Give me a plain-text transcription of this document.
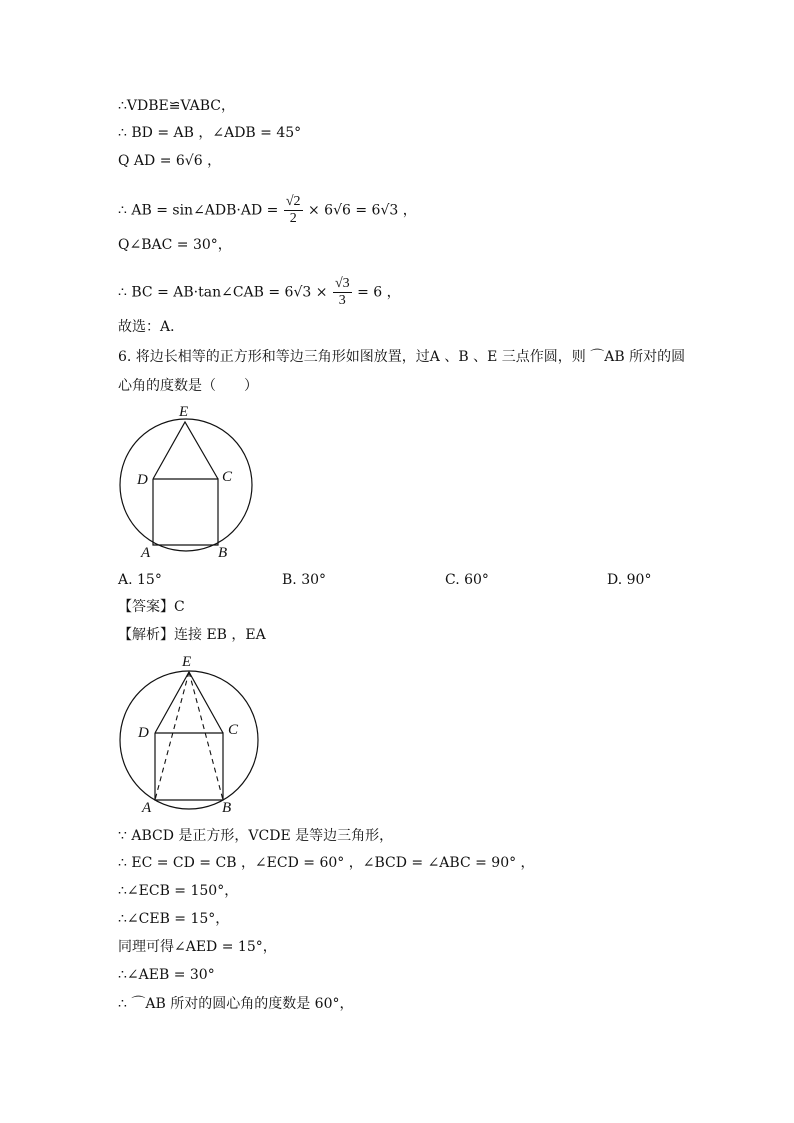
∴VDBE≌VABC，
∴ BD = AB ，∠ADB = 45°
Q AD = 6√6 ，
∴ AB = sin∠ADB·AD = $\frac{√2}{2} \times 6√6 = 6√3$ ，
Q∠BAC = 30°，
∴ BC = AB·tan∠CAB = $6√3 \times \frac{√3}{3} = 6$ ，
故选：A．
6. 将边长相等的正方形和等边三角形如图放置，过A 、B 、E 三点作圆，则 ⌒AB 所对的圆
心角的度数是（　　）
E
D	C
A	B
A. 15°	B. 30°	C. 60°	D. 90°
【答案】C
【解析】连接 EB ，EA
E
D	C
A	B
∵ ABCD 是正方形，VCDE 是等边三角形，
∴ EC = CD = CB ，∠ECD = 60° ，∠BCD = ∠ABC = 90° ，
∴∠ECB = 150°，
∴∠CEB = 15°，
同理可得∠AED = 15°，
∴∠AEB = 30°
∴ ⌒AB 所对的圆心角的度数是 60°，
